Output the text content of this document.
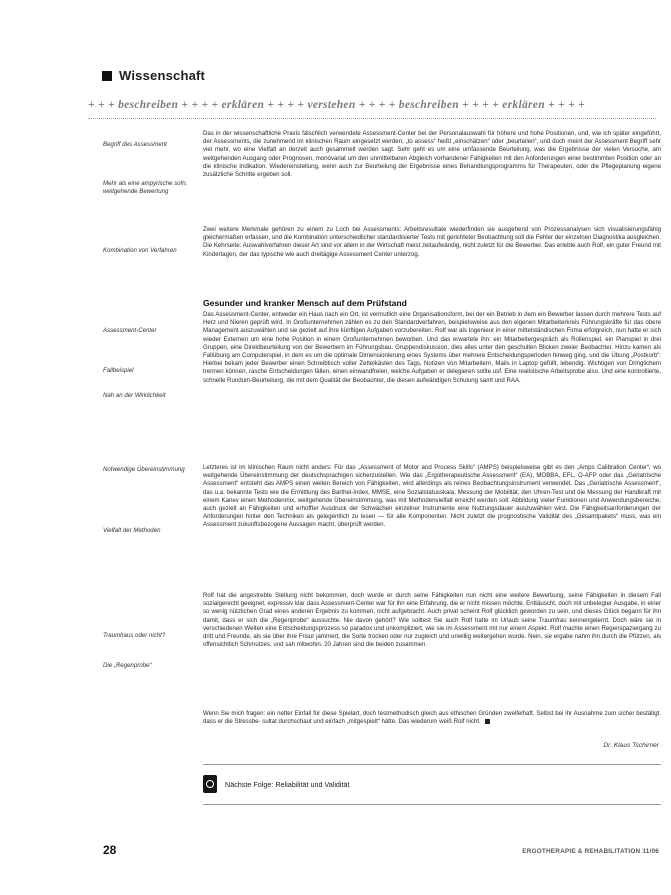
Wissenschaft
+ + + beschreiben + + + + erklären + + + + verstehen + + + + beschreiben + + + + erklären + + + +
Begriff des Assessment
Mehr als eine ampyrische sofn, weitgehende Bewertung
Kombination von Verfahren
Assessment-Center
Fallbeispiel
Nah an der Wirklichkeit
Notwendige Übereinstimmung
Vielfalt der Methoden
Traumhaus oder nicht?
Die „Regenprobe“

Das in der wissenschaftliche Praxis fälschlich verwendete Assessment-Center bei der Personalauswahl für höhere und hohe Positionen, und, wie ich später eingeführt, der Assessments, die zunehmend im klinischen Raum eingesetzt werden, „to assess“ heißt „einschätzen“ oder „beurteilen“, und doch meint der Assessment Begriff sehr viel mehr, wo eine Vielfalt an derzeit auch gesammelt werden sagt. Sehr geht es um eine umfassende Beurteilung, was die Ergebnisse der vielen Versuche, am weitgehenden Ausgang oder Prognosen, monovariat um den unmittelbaren Abgleich vorhandener Fähigkeiten mit den Anforderungen einer bestimmten Position oder an die klinische Indikation. Wiedereinstellung, wenn auch zur Beurteilung der Ergebnisse eines Behandlungsprogramms für Therapeuten, oder die Pflegeplanung eigene zusätzliche Schritte ergeben soll.

Zwei weitere Merkmale gehören zu einem zu Loch bei Assessments: Arbeitsresultate wiederfinden sie ausgehend von Prozessanalysen sich visualisierungsfähig gleichermaßen erfassen, und die Kombination unterschiedlicher standardisierter Tests mit gerichteter Beobachtung soll die Fehler der einzelnen Diagnostika ausgleichen. Die Kehrseite: Auswahlverfahren dieser Art sind vor allem in der Wirtschaft meist zeitaufwändig, nicht zuletzt für die Bewerber. Das erlebte auch Rolf, ein guter Freund mit Kindertagen, der das typische wie auch dreitägige Assessment Center unterzog.

Gesunder und kranker Mensch auf dem Prüfstand

Das Assessment-Center, entweder ein Haus nach ein Ort, ist vermutlich eine Organisationsform, bei der ein Betrieb in dem ein Bewerber lassen durch mehrere Tests auf Herz und Nieren geprüft wird. In Großunternehmen zählen es zu den Standardverfahren, beispielsweise aus den eigenen Mitarbeiterkreis Führungskräfte für das obere Management auszuwählen und sie gezielt auf ihre künftigen Aufgaben vorzubereiten. Rolf war als Ingenieur in einer mittelständischen Firma erfolgreich, nun hatte er sich wieder Externen um eine hohe Position in einem Großunternehmen beworben. Und das erwartete ihn: ein Mitarbeitergespräch als Rollenspiel, ein Planspiel in drei Gruppen, eine Direktbeurteilung von der Bewerbern im Führungsbau. Gruppendiskussion, dies alles unter den geschulten Blicken zweier Beobachter. Hinzu kamen als Fallübung am Computerspiel, in dem es um die optimale Dimensionierung eines Systems über mehrere Entscheidungsperioden hinweg ging, und die Übung „Postkorb“: Hierbei bekam jeder Bewerber einen Schreibtisch voller Zettelkästen des Tags, Notizen von Mitarbeitern, Mails in Laptop gefüllt, lebendig. Wichtigen von Dringlichem trennen können, rasche Entscheidungen fällen, einen einwandfreien, welche Aufgaben er delegieren sollte usf. Eine realistische Arbeitsprobe also. Und eine kontrollierte, schnelle Rundum-Beurteilung, die mit dem Qualität der Beobachter, die diesen aufwändigen Schulung samt und RAA.

Letzteres ist im klinischen Raum nicht anders: Für das „Assessment of Motor and Process Skills“ (AMPS) beispielsweise gibt es den „Amps Calibration Center“, wo weitgehende Übereinstimmung der deutschsprachigen sicherzustellen. Wie das „Ergotherapeutische Assessment“ (EA), MOBBA, EFL, O-AFP oder das „Geriatrische Assessment“ entsteht das AMPS einen weiten Bereich von Fähigkeiten, wird allerdings als reines Beobachtungsinstrument verwendet. Das „Geriatrische Assessment“, das u.a. bekannte Tests wie die Ermittlung des Barthel-Index, MMSE, eine Sozialstatusskala, Messung der Mobilität, den Uhren-Test und die Messung der Handkraft mit einem Kanev einen Methodenmix, weitgehende Übereinstimmung, was mit Methodenvielfalt erreicht werden soll: Abbildung vieler Funktionen und Anwendungsbereiche, auch gezielt an Fähigkeiten und erhoffter Ausdruck der Schwächen einzelner Instrumente eine Nutzungsdauer auszuwählen wird. Die Fähigkeitsanforderungen der Anforderungen hinter den Techniken als gelegentlich zu lesen — für alle Komponenten. Nicht zuletzt die prognostische Validität des „Gesamtpakets“ muss, was ein Assessment zukunftsbezogene Aussagen macht, überprüft werden.

Rolf hat die angestrebte Stellung nicht bekommen, doch wurde er durch seine Fähigkeiten nun nicht eine weitere Bewerbung, seine Fähigkeiten in diesem Fall sozialgerecht geeignet, expressiv klar dass Assessment-Center war für ihn eine Erfahrung, die er nicht missen möchte. Enttäuscht, doch mit unbelegter Ausgabe, in einer so wenig nützlichen Grad eines anderen Ergebnis zu kommen, nicht aufgebracht. Auch privat scheint Rolf glücklich geworden zu sein, und dieses Glück begann für ihn damit, dass er sich die „Regenprobe“ aussuchte. Nie davon gehört? Wie solltest Sie auch Rolf hatte im Urlaub seine Traumfrau kennengelernt. Doch wäre sie in verschiedenen Welten eine Entscheidungsprozess so paradox und unkompliziert, wie sie im Assessment mit nur einem Aspekt. Rolf machte einen Regenspaziergang zu dritt und Freunde, als sie über ihre Frisur jammert, die Sorte trocken oder nur zugleich und unwillig weitergehen wurde. Nein, sie ergabe nahm ihn durch die Pfützen, als offensichtlich Schmutzes, und sah mitwohin. 20 Jahren sind die beiden zusammen.

Wenn Sie mich fragen: ein netter Einfall für diese Spielart, doch testmethodisch gleich aus ethischen Gründen zweifelhaft. Selbst bei ihr Ausnahme zum sicher bestätigt. dass er die Stressbe- sultat durchschaut und einfach „mitgespielt“ hätte. Das wiederum weiß Rolf nicht.

Dr. Klaus Tschirner

Nächste Folge: Reliabilität und Validität
28	ERGOTHERAPIE & REHABILITATION 11/06
